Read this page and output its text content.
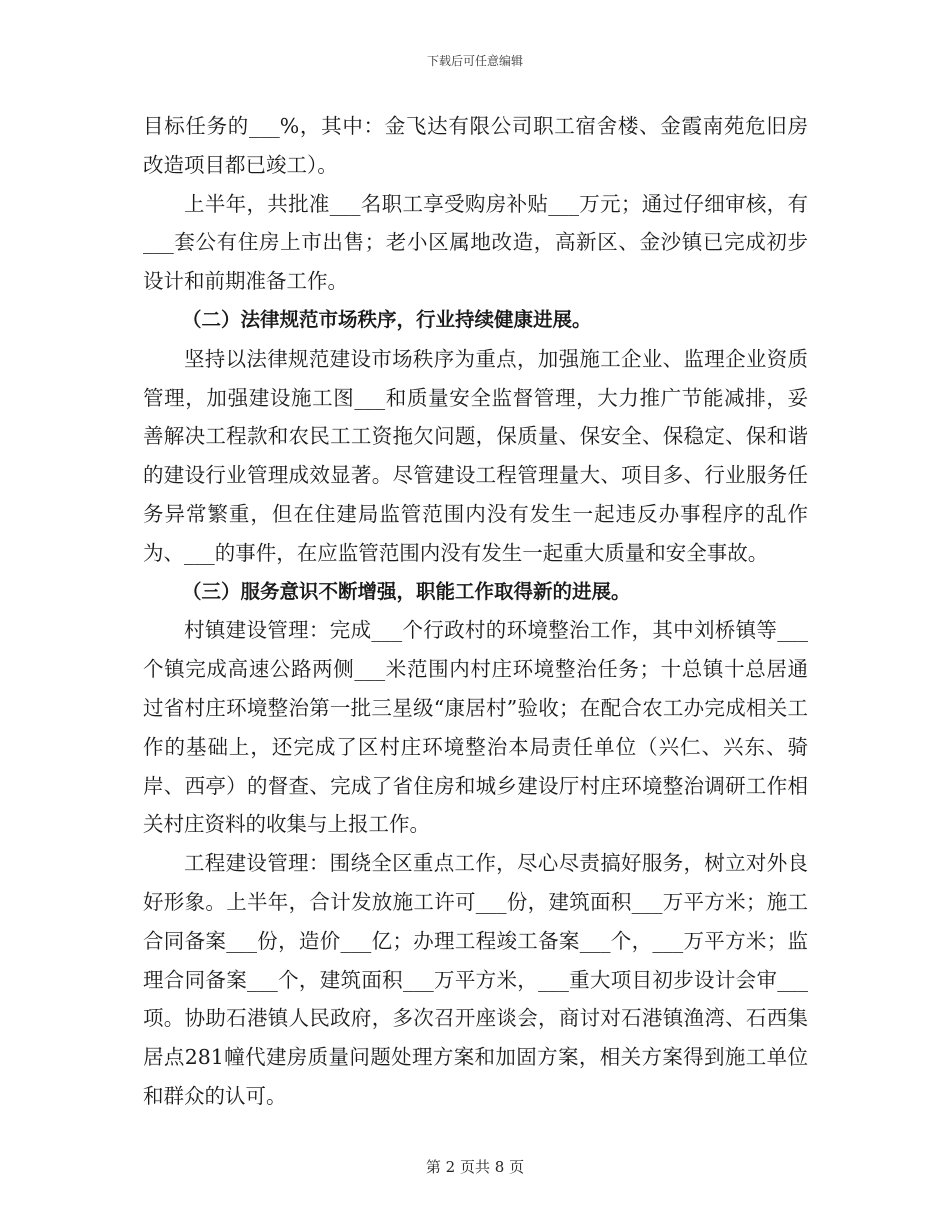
下载后可任意编辑

目标任务的___%，其中：金飞达有限公司职工宿舍楼、金霞南苑危旧房改造项目都已竣工）。

上半年，共批准___名职工享受购房补贴___万元；通过仔细审核，有___套公有住房上市出售；老小区属地改造，高新区、金沙镇已完成初步设计和前期准备工作。

（二）法律规范市场秩序，行业持续健康进展。

坚持以法律规范建设市场秩序为重点，加强施工企业、监理企业资质管理，加强建设施工图___和质量安全监督管理，大力推广节能减排，妥善解决工程款和农民工工资拖欠问题，保质量、保安全、保稳定、保和谐的建设行业管理成效显著。尽管建设工程管理量大、项目多、行业服务任务异常繁重，但在住建局监管范围内没有发生一起违反办事程序的乱作为、___的事件，在应监管范围内没有发生一起重大质量和安全事故。

（三）服务意识不断增强，职能工作取得新的进展。

村镇建设管理：完成___个行政村的环境整治工作，其中刘桥镇等___个镇完成高速公路两侧___米范围内村庄环境整治任务；十总镇十总居通过省村庄环境整治第一批三星级“康居村”验收；在配合农工办完成相关工作的基础上，还完成了区村庄环境整治本局责任单位（兴仁、兴东、骑岸、西亭）的督查、完成了省住房和城乡建设厅村庄环境整治调研工作相关村庄资料的收集与上报工作。

工程建设管理：围绕全区重点工作，尽心尽责搞好服务，树立对外良好形象。上半年，合计发放施工许可___份，建筑面积___万平方米；施工合同备案___份，造价___亿；办理工程竣工备案___个，___万平方米；监理合同备案___个，建筑面积___万平方米，___重大项目初步设计会审___项。协助石港镇人民政府，多次召开座谈会，商讨对石港镇渔湾、石西集居点281幢代建房质量问题处理方案和加固方案，相关方案得到施工单位和群众的认可。

第 2 页共 8 页
